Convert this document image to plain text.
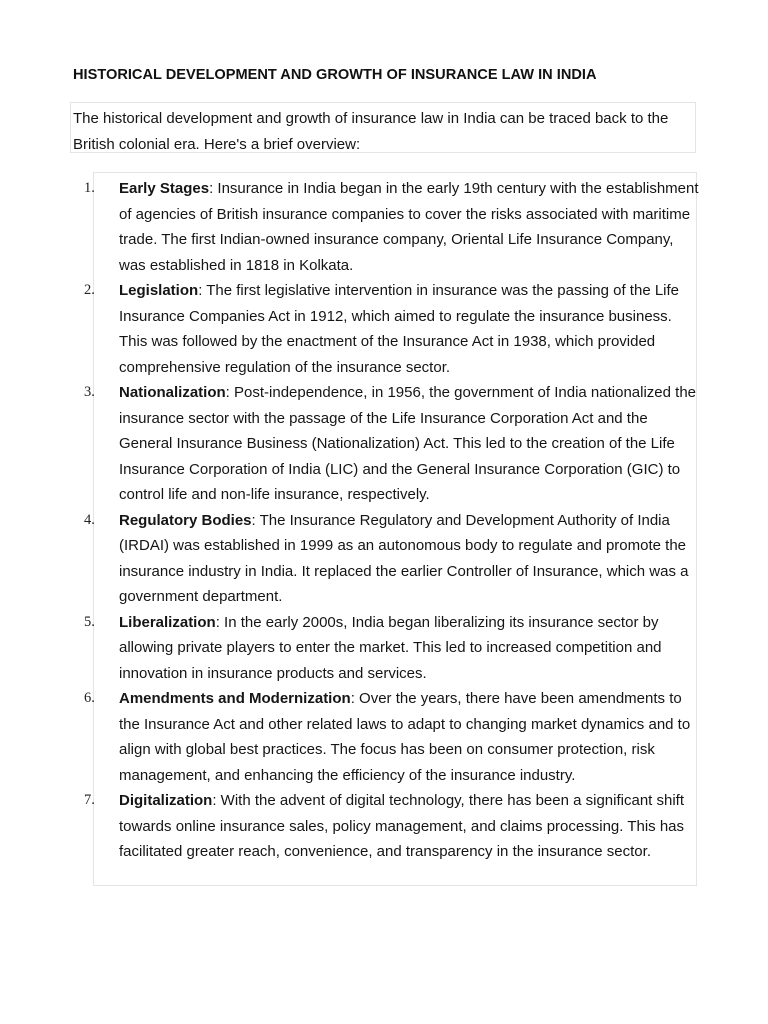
HISTORICAL DEVELOPMENT AND GROWTH OF INSURANCE LAW IN INDIA
The historical development and growth of insurance law in India can be traced back to the British colonial era. Here's a brief overview:
1. Early Stages: Insurance in India began in the early 19th century with the establishment of agencies of British insurance companies to cover the risks associated with maritime trade. The first Indian-owned insurance company, Oriental Life Insurance Company, was established in 1818 in Kolkata.
2. Legislation: The first legislative intervention in insurance was the passing of the Life Insurance Companies Act in 1912, which aimed to regulate the insurance business. This was followed by the enactment of the Insurance Act in 1938, which provided comprehensive regulation of the insurance sector.
3. Nationalization: Post-independence, in 1956, the government of India nationalized the insurance sector with the passage of the Life Insurance Corporation Act and the General Insurance Business (Nationalization) Act. This led to the creation of the Life Insurance Corporation of India (LIC) and the General Insurance Corporation (GIC) to control life and non-life insurance, respectively.
4. Regulatory Bodies: The Insurance Regulatory and Development Authority of India (IRDAI) was established in 1999 as an autonomous body to regulate and promote the insurance industry in India. It replaced the earlier Controller of Insurance, which was a government department.
5. Liberalization: In the early 2000s, India began liberalizing its insurance sector by allowing private players to enter the market. This led to increased competition and innovation in insurance products and services.
6. Amendments and Modernization: Over the years, there have been amendments to the Insurance Act and other related laws to adapt to changing market dynamics and to align with global best practices. The focus has been on consumer protection, risk management, and enhancing the efficiency of the insurance industry.
7. Digitalization: With the advent of digital technology, there has been a significant shift towards online insurance sales, policy management, and claims processing. This has facilitated greater reach, convenience, and transparency in the insurance sector.
